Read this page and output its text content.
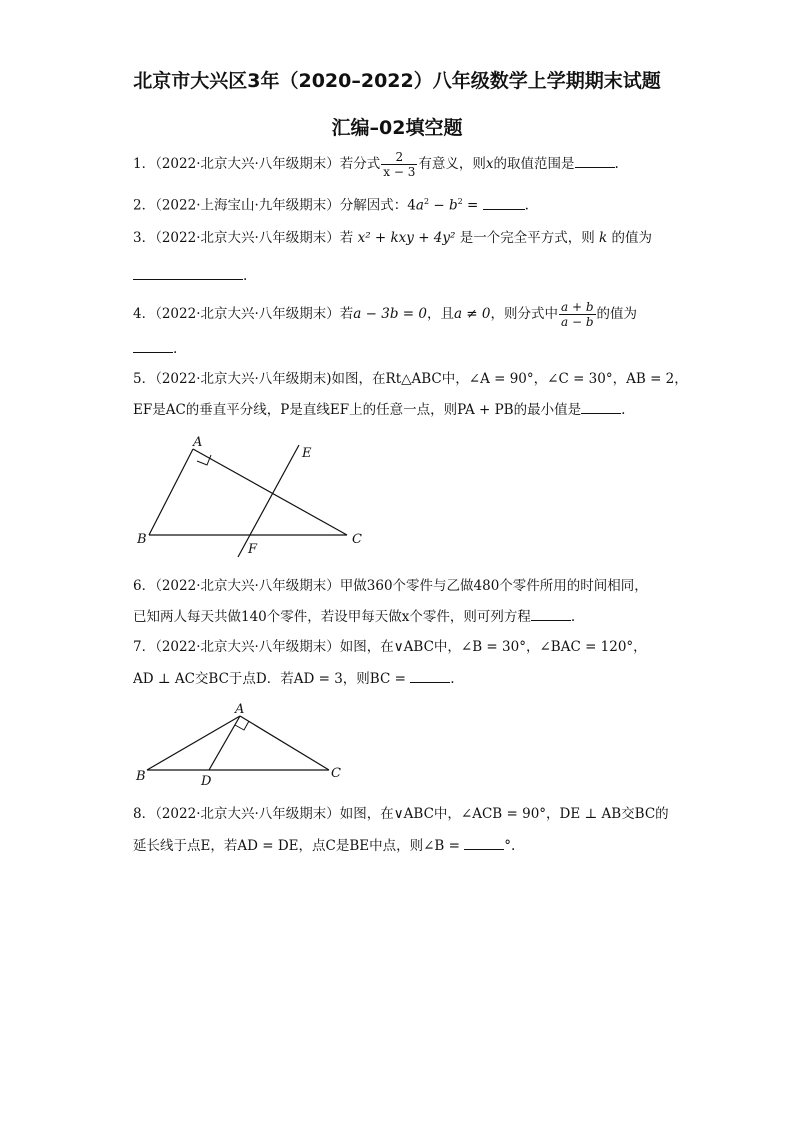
北京市大兴区3年（2020–2022）八年级数学上学期期末试题
汇编–02填空题
1．（2022·北京大兴·八年级期末）若分式 $\frac{2}{x - 3}$ 有意义，则x的取值范围是	.
2．（2022·上海宝山·九年级期末）分解因式：$4a^2 - b^2$ =	.
3．（2022·北京大兴·八年级期末）若 x² + kxy + 4y² 是一个完全平方式，则 k 的值为
.
4．（2022·北京大兴·八年级期末）若a − 3b = 0，且a ≠ 0，则分式中 $\frac{a + b}{a - b}$ 的值为
.
5．（2022·北京大兴·八年级期末)如图，在Rt△ABC中，∠A = 90°，∠C = 30°，AB = 2，
EF是AC的垂直平分线，P是直线EF上的任意一点，则PA + PB的最小值是	.
A
B	C
E
F
A
B	C
D
6．（2022·北京大兴·八年级期末）甲做360个零件与乙做480个零件所用的时间相同，
已知两人每天共做140个零件，若设甲每天做x个零件，则可列方程	.
7．（2022·北京大兴·八年级期末）如图，在∨ABC中，∠B = 30°，∠BAC = 120°，
AD ⊥ AC交BC于点D．若AD = 3，则BC =	.
8．（2022·北京大兴·八年级期末）如图，在∨ABC中，∠ACB = 90°，DE ⊥ AB交BC的
延长线于点E，若AD = DE，点C是BE中点，则∠B =	°.
